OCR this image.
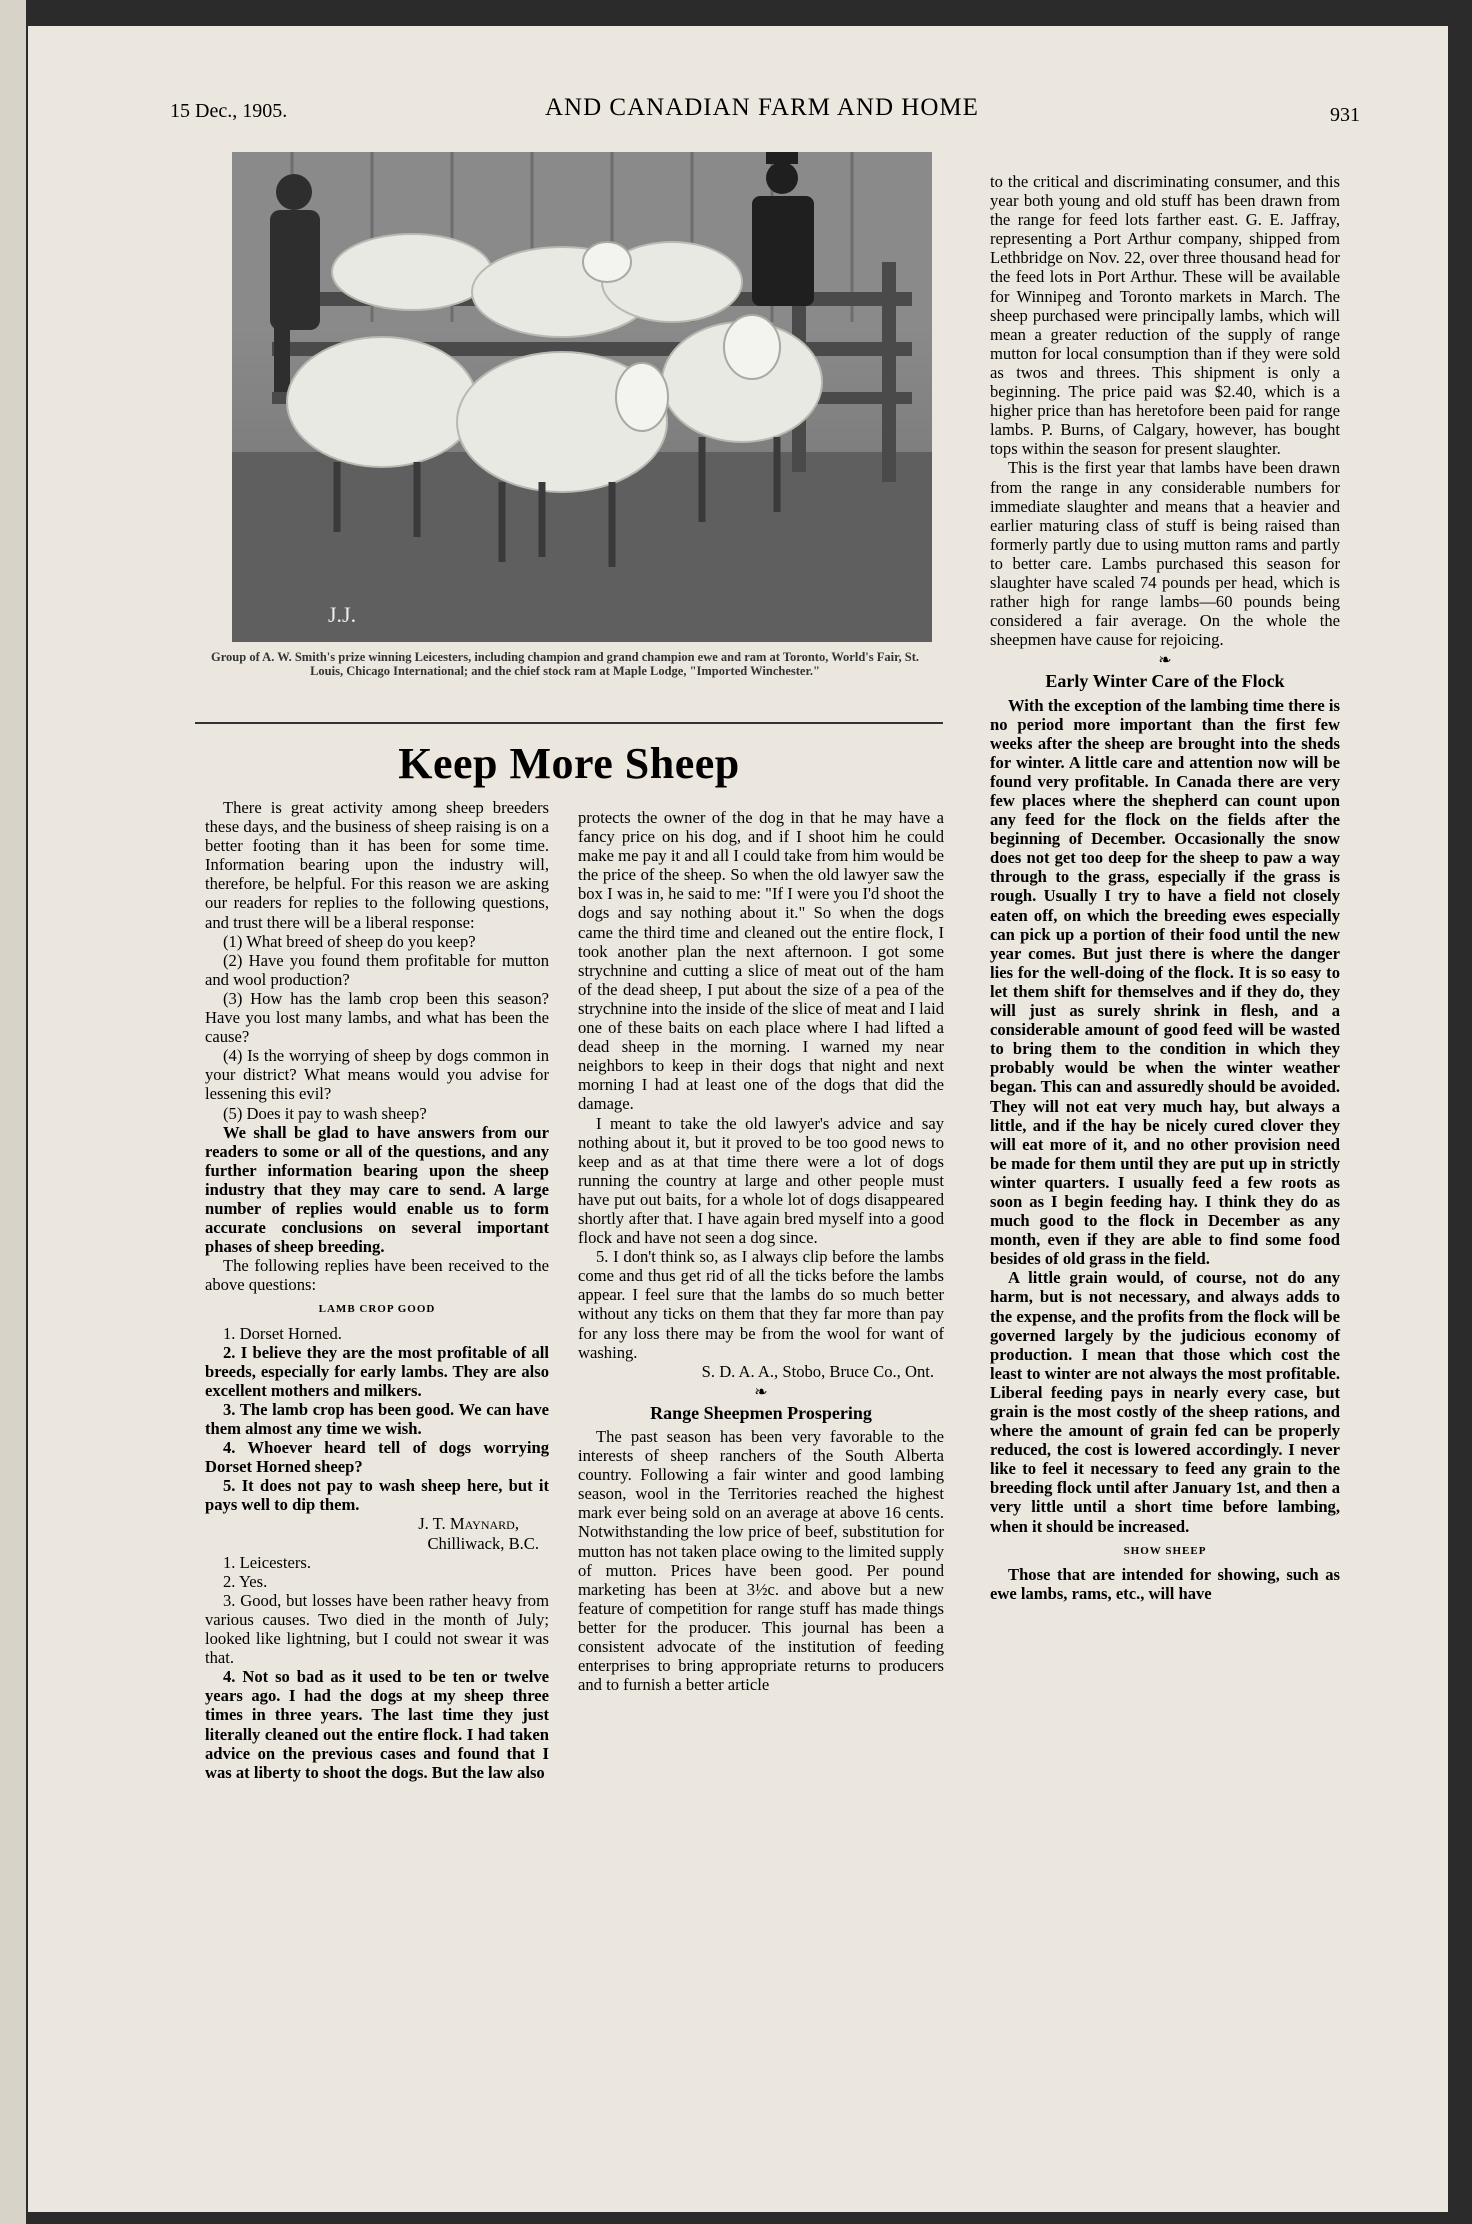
15 Dec., 1905.	AND CANADIAN FARM AND HOME	931
J.J.
Group of A. W. Smith's prize winning Leicesters, including champion and grand champion ewe and ram at Toronto, World's Fair, St. Louis, Chicago International; and the chief stock ram at Maple Lodge, "Imported Winchester."
Keep More Sheep

There is great activity among sheep breeders these days, and the business of sheep raising is on a better footing than it has been for some time. Information bearing upon the industry will, therefore, be helpful. For this reason we are asking our readers for replies to the following questions, and trust there will be a liberal response:

(1) What breed of sheep do you keep?

(2) Have you found them profitable for mutton and wool production?

(3) How has the lamb crop been this season? Have you lost many lambs, and what has been the cause?

(4) Is the worrying of sheep by dogs common in your district? What means would you advise for lessening this evil?

(5) Does it pay to wash sheep?

We shall be glad to have answers from our readers to some or all of the questions, and any further information bearing upon the sheep industry that they may care to send. A large number of replies would enable us to form accurate conclusions on several important phases of sheep breeding.

The following replies have been received to the above questions:

LAMB CROP GOOD

1. Dorset Horned.

2. I believe they are the most profitable of all breeds, especially for early lambs. They are also excellent mothers and milkers.

3. The lamb crop has been good. We can have them almost any time we wish.

4. Whoever heard tell of dogs worrying Dorset Horned sheep?

5. It does not pay to wash sheep here, but it pays well to dip them.

J. T. Maynard,
Chilliwack, B.C.

1. Leicesters.

2. Yes.

3. Good, but losses have been rather heavy from various causes. Two died in the month of July; looked like lightning, but I could not swear it was that.

4. Not so bad as it used to be ten or twelve years ago. I had the dogs at my sheep three times in three years. The last time they just literally cleaned out the entire flock. I had taken advice on the previous cases and found that I was at liberty to shoot the dogs. But the law also

protects the owner of the dog in that he may have a fancy price on his dog, and if I shoot him he could make me pay it and all I could take from him would be the price of the sheep. So when the old lawyer saw the box I was in, he said to me: "If I were you I'd shoot the dogs and say nothing about it." So when the dogs came the third time and cleaned out the entire flock, I took another plan the next afternoon. I got some strychnine and cutting a slice of meat out of the ham of the dead sheep, I put about the size of a pea of the strychnine into the inside of the slice of meat and I laid one of these baits on each place where I had lifted a dead sheep in the morning. I warned my near neighbors to keep in their dogs that night and next morning I had at least one of the dogs that did the damage.

I meant to take the old lawyer's advice and say nothing about it, but it proved to be too good news to keep and as at that time there were a lot of dogs running the country at large and other people must have put out baits, for a whole lot of dogs disappeared shortly after that. I have again bred myself into a good flock and have not seen a dog since.

5. I don't think so, as I always clip before the lambs come and thus get rid of all the ticks before the lambs appear. I feel sure that the lambs do so much better without any ticks on them that they far more than pay for any loss there may be from the wool for want of washing.

S. D. A. A., Stobo, Bruce Co., Ont.
❧
Range Sheepmen Prospering

The past season has been very favorable to the interests of sheep ranchers of the South Alberta country. Following a fair winter and good lambing season, wool in the Territories reached the highest mark ever being sold on an average at above 16 cents. Notwithstanding the low price of beef, substitution for mutton has not taken place owing to the limited supply of mutton. Prices have been good. Per pound marketing has been at 3½c. and above but a new feature of competition for range stuff has made things better for the producer. This journal has been a consistent advocate of the institution of feeding enterprises to bring appropriate returns to producers and to furnish a better article

to the critical and discriminating consumer, and this year both young and old stuff has been drawn from the range for feed lots farther east. G. E. Jaffray, representing a Port Arthur company, shipped from Lethbridge on Nov. 22, over three thousand head for the feed lots in Port Arthur. These will be available for Winnipeg and Toronto markets in March. The sheep purchased were principally lambs, which will mean a greater reduction of the supply of range mutton for local consumption than if they were sold as twos and threes. This shipment is only a beginning. The price paid was $2.40, which is a higher price than has heretofore been paid for range lambs. P. Burns, of Calgary, however, has bought tops within the season for present slaughter.

This is the first year that lambs have been drawn from the range in any considerable numbers for immediate slaughter and means that a heavier and earlier maturing class of stuff is being raised than formerly partly due to using mutton rams and partly to better care. Lambs purchased this season for slaughter have scaled 74 pounds per head, which is rather high for range lambs—60 pounds being considered a fair average. On the whole the sheepmen have cause for rejoicing.

❧
Early Winter Care of the Flock

With the exception of the lambing time there is no period more important than the first few weeks after the sheep are brought into the sheds for winter. A little care and attention now will be found very profitable. In Canada there are very few places where the shepherd can count upon any feed for the flock on the fields after the beginning of December. Occasionally the snow does not get too deep for the sheep to paw a way through to the grass, especially if the grass is rough. Usually I try to have a field not closely eaten off, on which the breeding ewes especially can pick up a portion of their food until the new year comes. But just there is where the danger lies for the well-doing of the flock. It is so easy to let them shift for themselves and if they do, they will just as surely shrink in flesh, and a considerable amount of good feed will be wasted to bring them to the condition in which they probably would be when the winter weather began. This can and assuredly should be avoided. They will not eat very much hay, but always a little, and if the hay be nicely cured clover they will eat more of it, and no other provision need be made for them until they are put up in strictly winter quarters. I usually feed a few roots as soon as I begin feeding hay. I think they do as much good to the flock in December as any month, even if they are able to find some food besides of old grass in the field.

A little grain would, of course, not do any harm, but is not necessary, and always adds to the expense, and the profits from the flock will be governed largely by the judicious economy of production. I mean that those which cost the least to winter are not always the most profitable. Liberal feeding pays in nearly every case, but grain is the most costly of the sheep rations, and where the amount of grain fed can be properly reduced, the cost is lowered accordingly. I never like to feel it necessary to feed any grain to the breeding flock until after January 1st, and then a very little until a short time before lambing, when it should be increased.

SHOW SHEEP

Those that are intended for showing, such as ewe lambs, rams, etc., will have
